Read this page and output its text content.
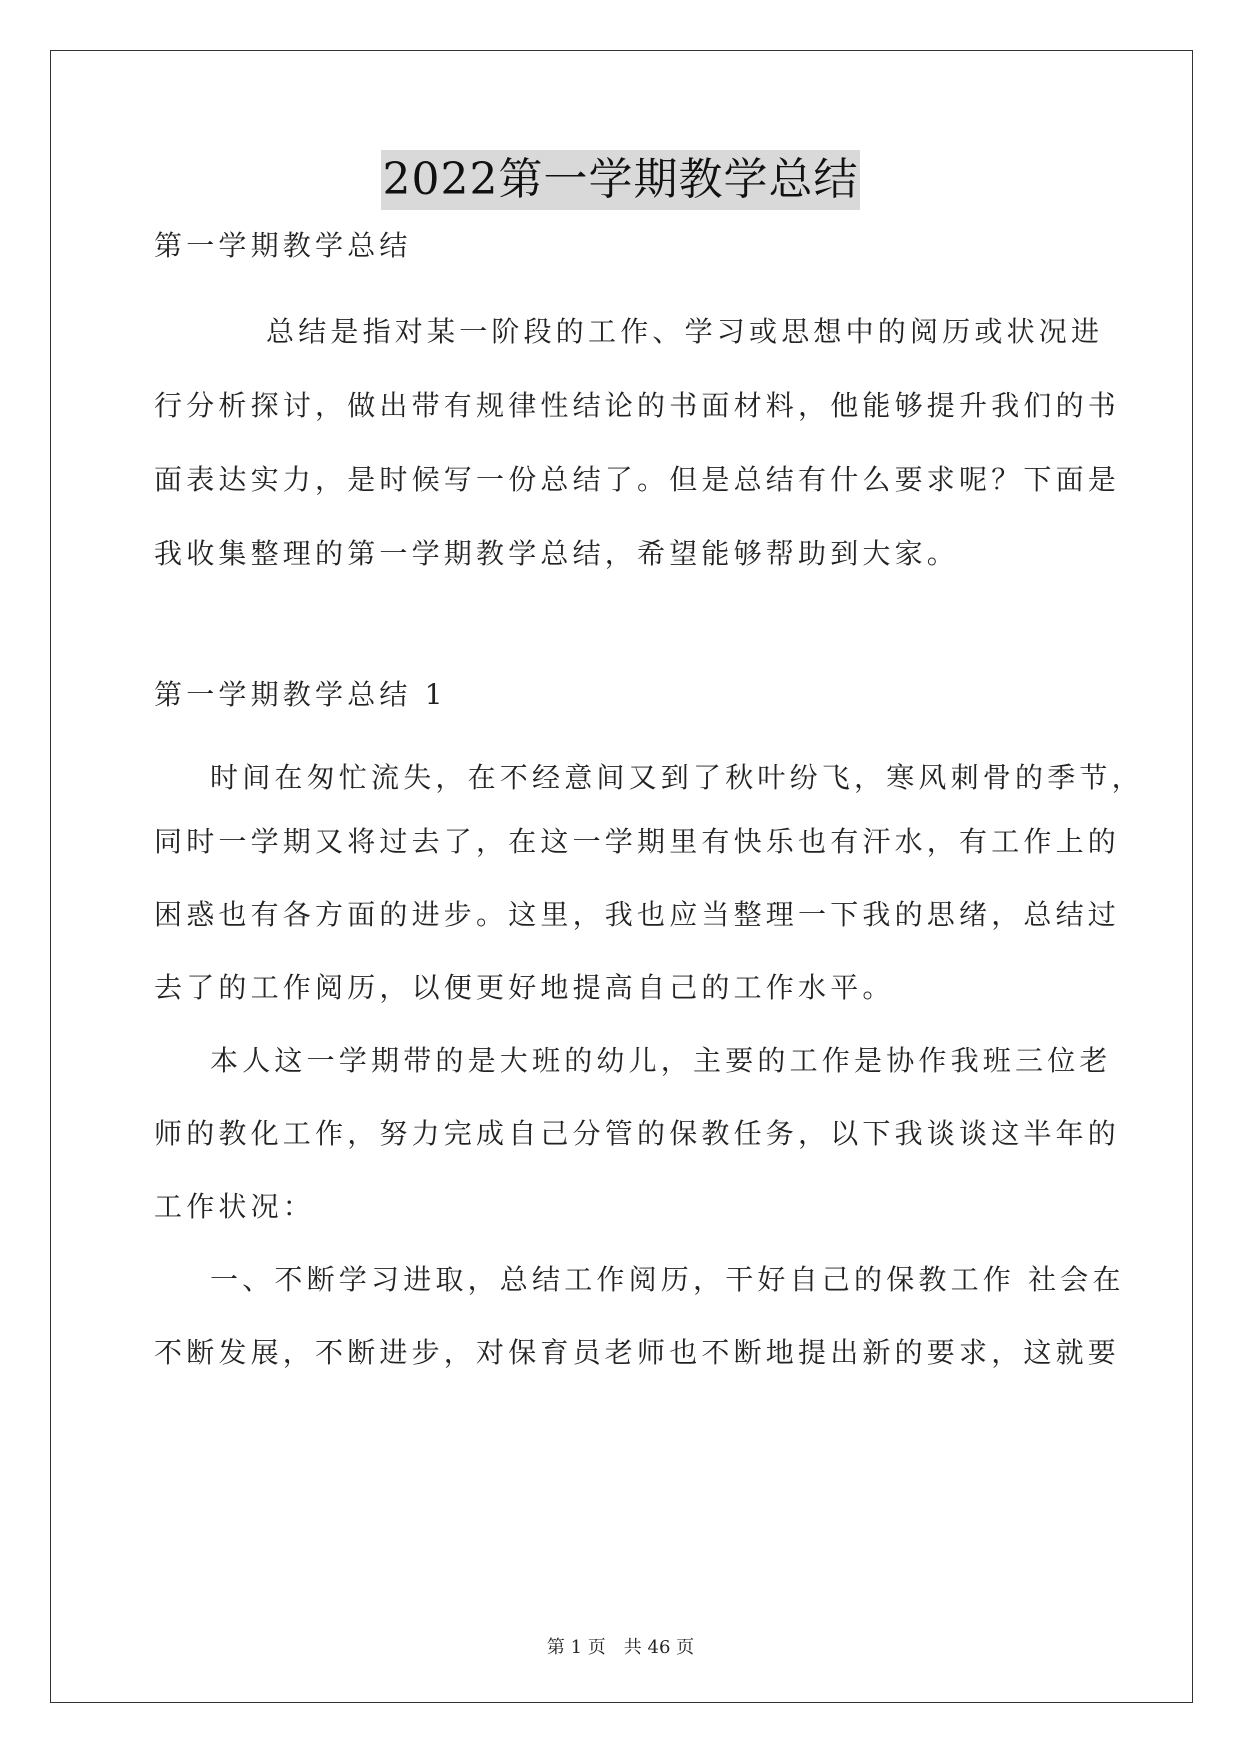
2022第一学期教学总结
第一学期教学总结
总结是指对某一阶段的工作、学习或思想中的阅历或状况进
行分析探讨，做出带有规律性结论的书面材料，他能够提升我们的书
面表达实力，是时候写一份总结了。但是总结有什么要求呢？下面是
我收集整理的第一学期教学总结，希望能够帮助到大家。
第一学期教学总结 1
时间在匆忙流失，在不经意间又到了秋叶纷飞，寒风刺骨的季节，
同时一学期又将过去了，在这一学期里有快乐也有汗水，有工作上的
困惑也有各方面的进步。这里，我也应当整理一下我的思绪，总结过
去了的工作阅历，以便更好地提高自己的工作水平。
本人这一学期带的是大班的幼儿，主要的工作是协作我班三位老
师的教化工作，努力完成自己分管的保教任务，以下我谈谈这半年的
工作状况：
一、不断学习进取，总结工作阅历，干好自己的保教工作 社会在
不断发展，不断进步，对保育员老师也不断地提出新的要求，这就要
第 1 页　共 46 页
